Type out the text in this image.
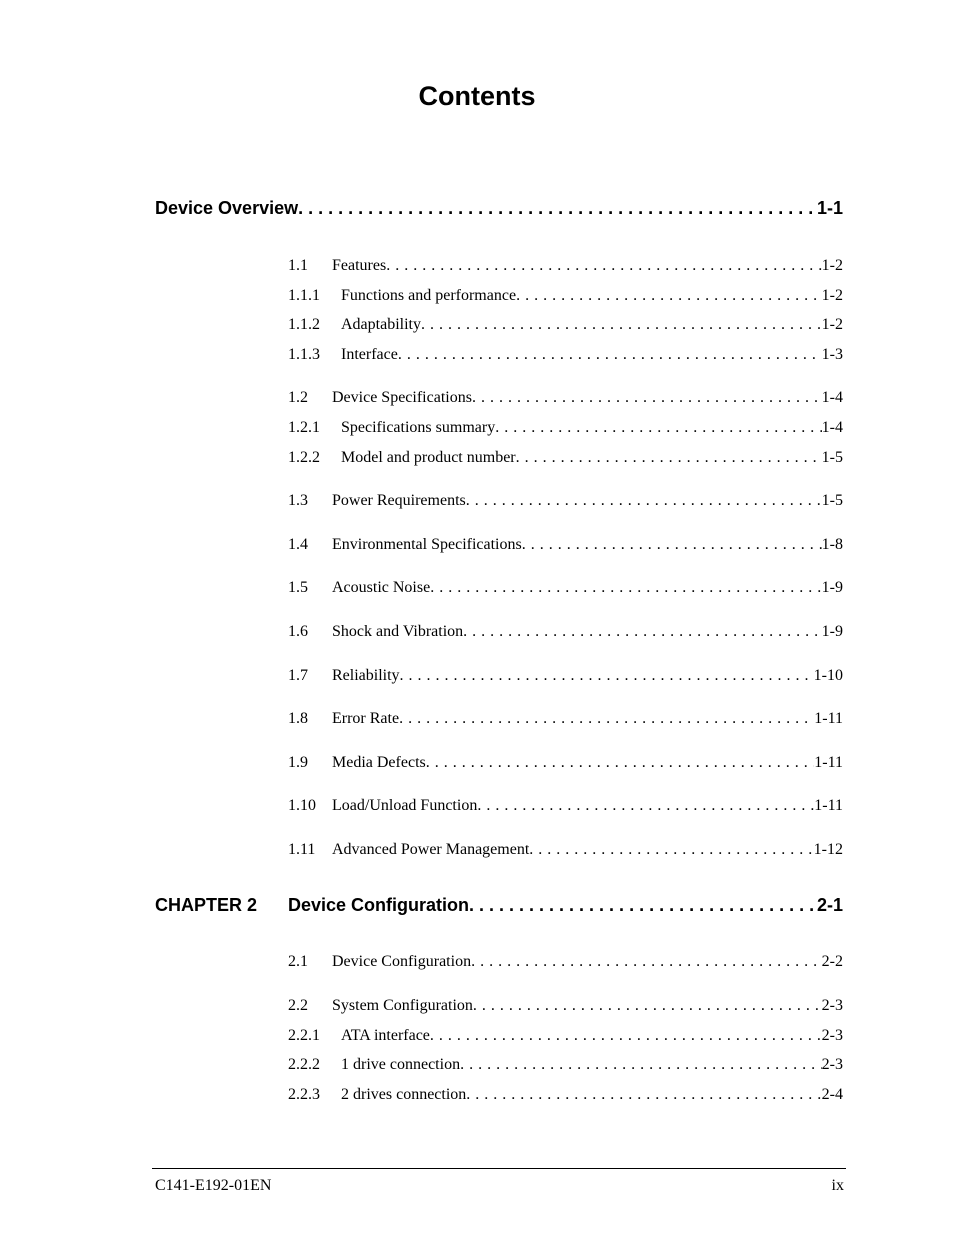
Contents
Device Overview . . .	1-1
1.1	Features . . .	1-2
1.1.1	Functions and performance . . .	1-2
1.1.2	Adaptability . . .	1-2
1.1.3	Interface . . .	1-3
1.2	Device Specifications . . .	1-4
1.2.1	Specifications summary . . .	1-4
1.2.2	Model and product number . . .	1-5
1.3	Power Requirements . . .	1-5
1.4	Environmental Specifications . . .	1-8
1.5	Acoustic Noise . . .	1-9
1.6	Shock and Vibration . . .	1-9
1.7	Reliability . . .	1-10
1.8	Error Rate . . .	1-11
1.9	Media Defects . . .	1-11
1.10	Load/Unload Function . . .	1-11
1.11	Advanced Power Management . . .	1-12
CHAPTER 2	Device Configuration . . .	2-1
2.1	Device Configuration . . .	2-2
2.2	System Configuration . . .	2-3
2.2.1	ATA interface . . .	2-3
2.2.2	1 drive connection . . .	2-3
2.2.3	2 drives connection . . .	2-4
C141-E192-01EN	ix
